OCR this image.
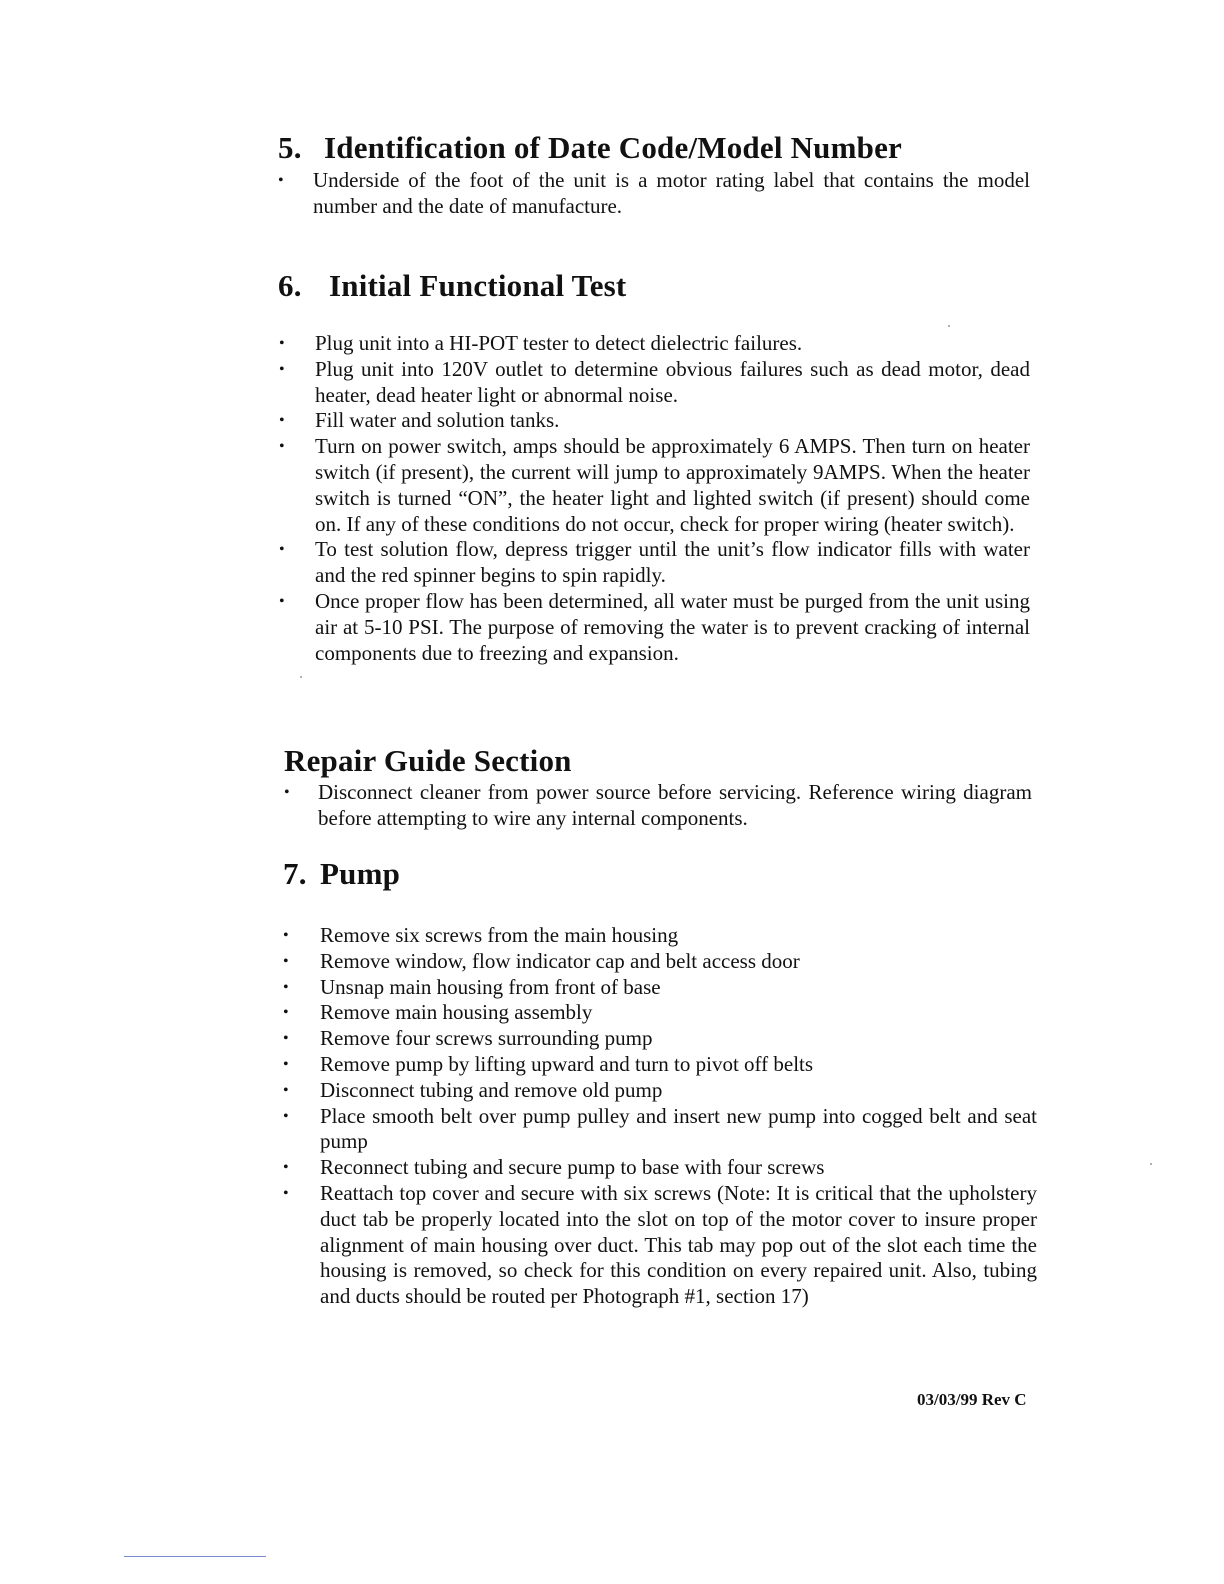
5. Identification of Date Code/Model Number
• Underside of the foot of the unit is a motor rating label that contains the model number and the date of manufacture.
6. Initial Functional Test
• Plug unit into a HI-POT tester to detect dielectric failures.
• Plug unit into 120V outlet to determine obvious failures such as dead motor, dead heater, dead heater light or abnormal noise.
• Fill water and solution tanks.
• Turn on power switch, amps should be approximately 6 AMPS. Then turn on heater switch (if present), the current will jump to approximately 9AMPS. When the heater switch is turned “ON”, the heater light and lighted switch (if present) should come on. If any of these conditions do not occur, check for proper wiring (heater switch).
• To test solution flow, depress trigger until the unit’s flow indicator fills with water and the red spinner begins to spin rapidly.
• Once proper flow has been determined, all water must be purged from the unit using air at 5-10 PSI. The purpose of removing the water is to prevent cracking of internal components due to freezing and expansion.
Repair Guide Section
• Disconnect cleaner from power source before servicing. Reference wiring diagram before attempting to wire any internal components.
7. Pump
• Remove six screws from the main housing
• Remove window, flow indicator cap and belt access door
• Unsnap main housing from front of base
• Remove main housing assembly
• Remove four screws surrounding pump
• Remove pump by lifting upward and turn to pivot off belts
• Disconnect tubing and remove old pump
• Place smooth belt over pump pulley and insert new pump into cogged belt and seat pump
• Reconnect tubing and secure pump to base with four screws
• Reattach top cover and secure with six screws (Note: It is critical that the upholstery duct tab be properly located into the slot on top of the motor cover to insure proper alignment of main housing over duct. This tab may pop out of the slot each time the housing is removed, so check for this condition on every repaired unit. Also, tubing and ducts should be routed per Photograph #1, section 17)
03/03/99 Rev C
